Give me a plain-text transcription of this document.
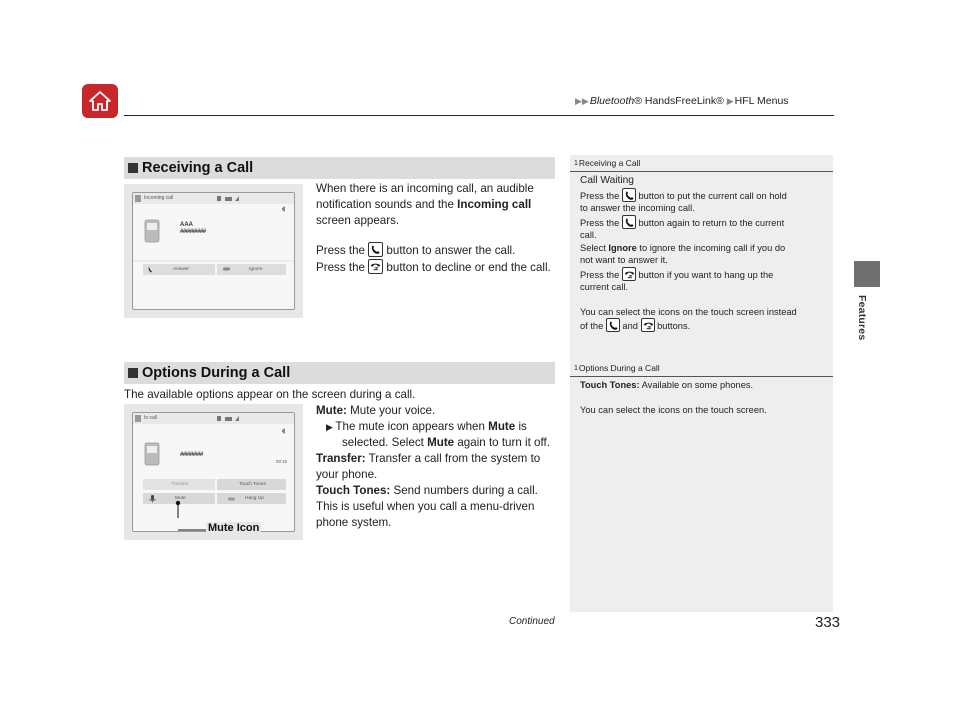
▶▶Bluetooth® HandsFreeLink® ▶HFL Menus
Features
Receiving a Call
Incoming call
AAA
#########
Answer	Ignore
When there is an incoming call, an audible
notification sounds and the Incoming call
screen appears.
Press the
button to answer the call.
Press the
button to decline or end the call.
Options During a Call
The available options appear on the screen during a call.
In call
########
00:15
Transfer	Touch Tones
Mute	Hang Up
Mute Icon
Mute: Mute your voice.
▶ The mute icon appears when Mute is
selected. Select Mute again to turn it off.
Transfer: Transfer a call from the system to
your phone.
Touch Tones: Send numbers during a call.
This is useful when you call a menu-driven
phone system.
1Receiving a Call
Call Waiting
Press the
button to put the current call on hold
to answer the incoming call.
Press the
button again to return to the current
call.
Select Ignore to ignore the incoming call if you do
not want to answer it.
Press the
button if you want to hang up the
current call.
You can select the icons on the touch screen instead
of the
and
buttons.
1Options During a Call
Touch Tones: Available on some phones.
You can select the icons on the touch screen.
Continued	333
